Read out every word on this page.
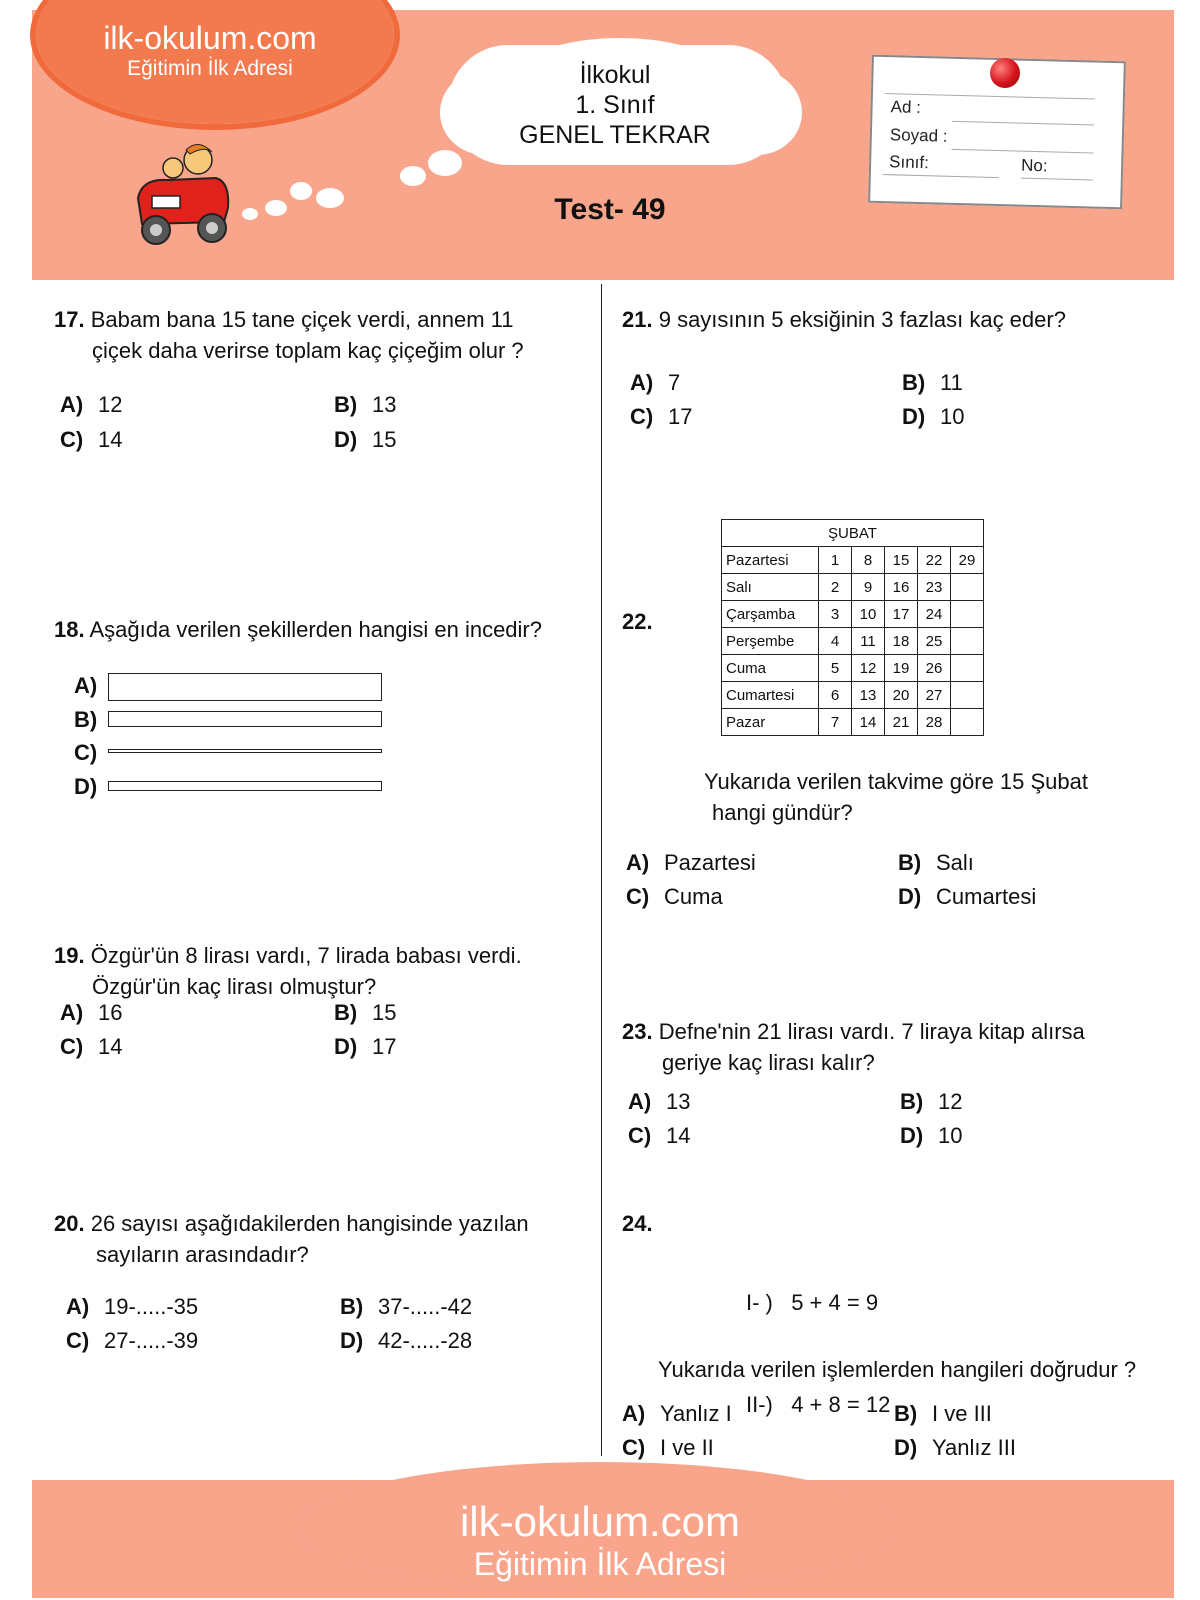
ilk-okulum.com
Eğitimin İlk Adresi	İlkokul
1. Sınıf
GENEL TEKRAR
Test- 49
Ad :
Soyad :
Sınıf:	No:
17. Babam bana 15 tane çiçek verdi, annem 11
çiçek daha verirse toplam kaç çiçeğim olur ?
A) 12	B) 13
C) 14	D) 15
18. Aşağıda verilen şekillerden hangisi en incedir?
A)
B)
C)
D)
19. Özgür'ün 8 lirası vardı, 7 lirada babası verdi.
Özgür'ün kaç lirası olmuştur?
A) 16	B) 15
C) 14	D) 17
20. 26 sayısı aşağıdakilerden hangisinde yazılan
sayıların arasındadır?
A) 19-.....-35	B) 37-.....-42
C) 27-.....-39	D) 42-.....-28
21. 9 sayısının 5 eksiğinin 3 fazlası kaç eder?
A) 7	B) 11
C) 17	D) 10
22.
ŞUBAT					
Pazartesi	1	8	15	22	29
Salı	2	9	16	23	
Çarşamba	3	10	17	24	
Perşembe	4	11	18	25	
Cuma	5	12	19	26	
Cumartesi	6	13	20	27	
Pazar	7	14	21	28	
Yukarıda verilen takvime göre 15 Şubat
hangi gündür?
A) Pazartesi	B) Salı
C) Cuma	D) Cumartesi
23. Defne'nin 21 lirası vardı. 7 liraya kitap alırsa
geriye kaç lirası kalır?
A) 13	B) 12
C) 14	D) 10
24.

I- )   5 + 4 = 9

II-)   4 + 8 = 12

Yukarıda verilen işlemlerden hangileri doğrudur ?
A) Yanlız I	B) I ve III
C) I ve II	D) Yanlız III
ilk-okulum.com
Eğitimin İlk Adresi
